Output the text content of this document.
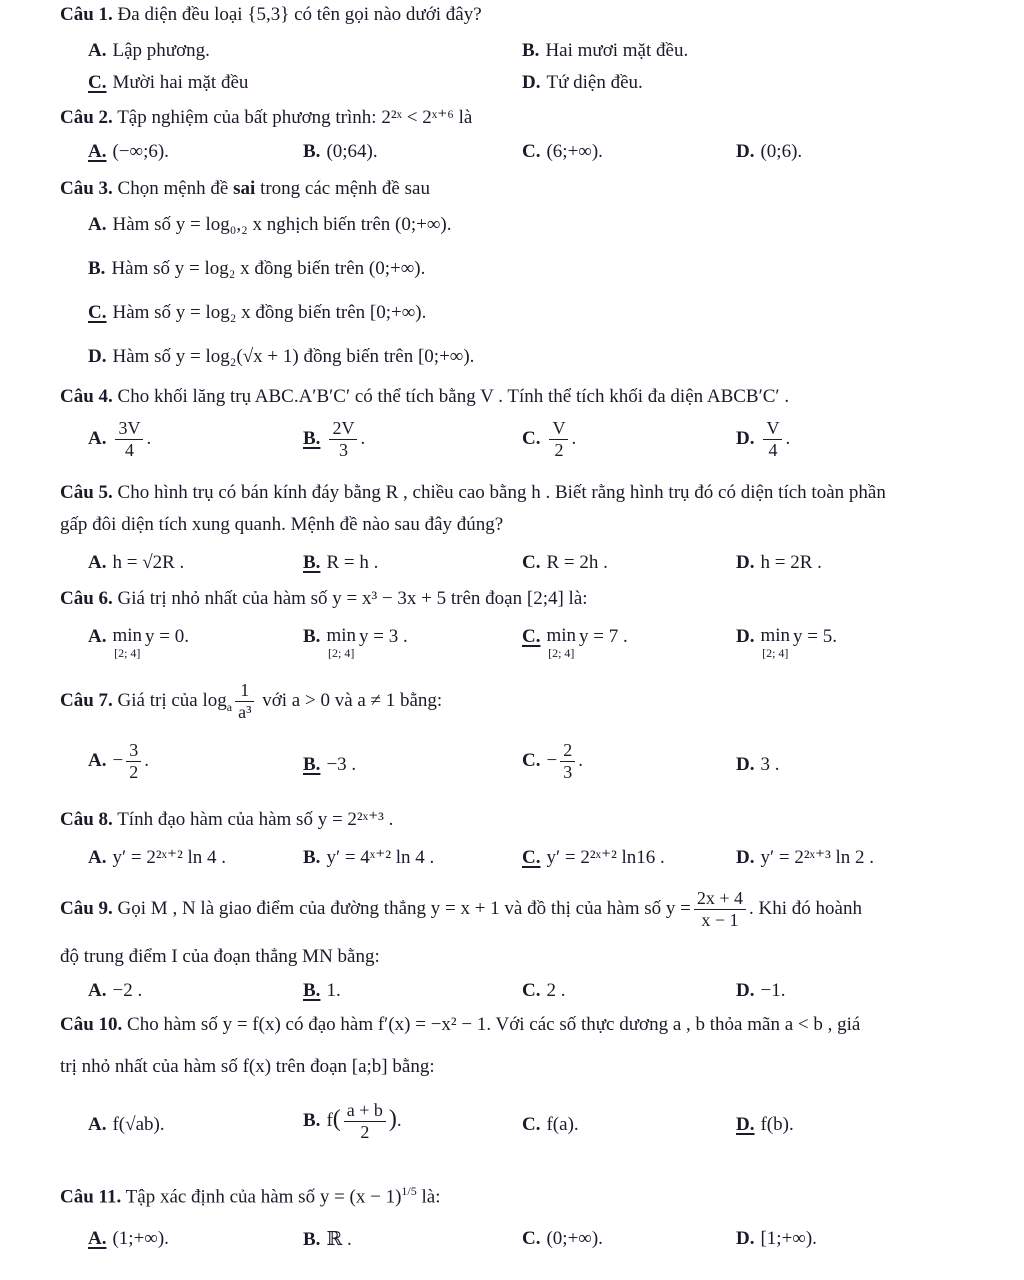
Câu 1. Đa diện đều loại {5,3} có tên gọi nào dưới đây?
A. Lập phương.	B. Hai mươi mặt đều.
C. Mười hai mặt đều	D. Tứ diện đều.
Câu 2. Tập nghiệm của bất phương trình: 2²ˣ < 2ˣ⁺⁶ là
A. (−∞;6).	B. (0;64).	C. (6;+∞).	D. (0;6).
Câu 3. Chọn mệnh đề sai trong các mệnh đề sau
A. Hàm số y = log₀,₂ x nghịch biến trên (0;+∞).
B. Hàm số y = log₂ x đồng biến trên (0;+∞).
C. Hàm số y = log₂ x đồng biến trên [0;+∞).
D. Hàm số y = log₂(√x + 1) đồng biến trên [0;+∞).
Câu 4. Cho khối lăng trụ ABC.A′B′C′ có thể tích bằng V . Tính thể tích khối đa diện ABCB′C′ .
A. $\frac{3V}{4}$ .	B. $\frac{2V}{3}$ .	C. $\frac{V}{2}$ .	D. $\frac{V}{4}$ .
Câu 5. Cho hình trụ có bán kính đáy bằng R , chiều cao bằng h . Biết rằng hình trụ đó có diện tích toàn phần
gấp đôi diện tích xung quanh. Mệnh đề nào sau đây đúng?
A. h = √2R .	B. R = h .	C. R = 2h .	D. h = 2R .
Câu 6. Giá trị nhỏ nhất của hàm số y = x³ − 3x + 5 trên đoạn [2;4] là:
A. min
[2; 4]
y = 0.	B. min
[2; 4]
y = 3 .	C. min
[2; 4]
y = 7 .	D. min
[2; 4]
y = 5.
Câu 7. Giá trị của $\log_a \frac{1}{\text{a³}}$ với a > 0 và a ≠ 1 bằng:
A. − $\frac{3}{2}$ .	B. −3 .	C. − $\frac{2}{3}$ .	D. 3 .
Câu 8. Tính đạo hàm của hàm số y = 2²ˣ⁺³ .
A. y′ = 2²ˣ⁺² ln 4 .	B. y′ = 4ˣ⁺² ln 4 .	C. y′ = 2²ˣ⁺² ln16 .	D. y′ = 2²ˣ⁺³ ln 2 .
Câu 9. Gọi M , N là giao điểm của đường thẳng y = x + 1 và đồ thị của hàm số $y = \frac{2x + 4}{x - 1}$ . Khi đó hoành
độ trung điểm I của đoạn thẳng MN bằng:
A. −2 .	B. 1.	C. 2 .	D. −1.
Câu 10. Cho hàm số y = f(x) có đạo hàm f′(x) = −x² − 1. Với các số thực dương a , b thỏa mãn a < b , giá
trị nhỏ nhất của hàm số f(x) trên đoạn [a;b] bằng:
A. f(√ab).	B. $f( \frac{a + b}{2}$ ).	C. f(a).	D. f(b).
Câu 11. Tập xác định của hàm số $y = (x - 1)^{1/5}$ là:
A. (1;+∞).	B. ℝ .	C. (0;+∞).	D. [1;+∞).
